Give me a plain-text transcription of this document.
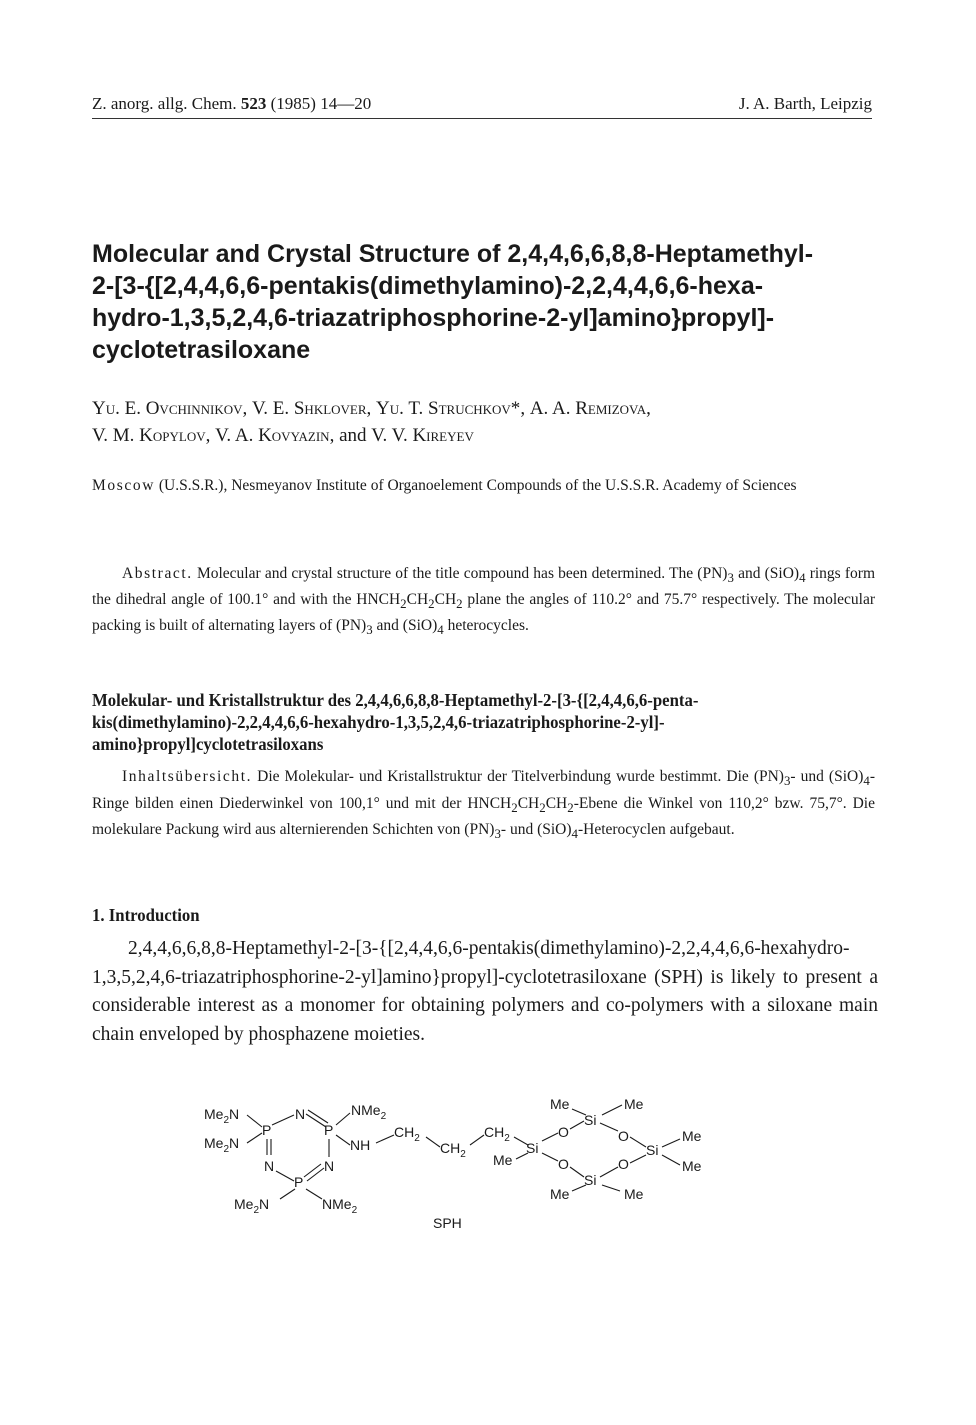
Z. anorg. allg. Chem. 523 (1985) 14—20	J. A. Barth, Leipzig
Molecular and Crystal Structure of 2,4,4,6,6,8,8-Heptamethyl-
2-[3-{[2,4,4,6,6-pentakis(dimethylamino)-2,2,4,4,6,6-hexa-
hydro-1,3,5,2,4,6-triazatriphosphorine-2-yl]amino}propyl]-
cyclotetrasiloxane
Yu. E. Ovchinnikov, V. E. Shklover, Yu. T. Struchkov*, A. A. Remizova,
V. M. Kopylov, V. A. Kovyazin, and V. V. Kireyev
Moscow (U.S.S.R.), Nesmeyanov Institute of Organoelement Compounds of the U.S.S.R. Academy of Sciences

Abstract. Molecular and crystal structure of the title compound has been determined. The $(PN)_3$ and $(SiO)_4$ rings form the dihedral angle of 100.1° and with the $HNCH_2CH_2CH_2$ plane the angles of 110.2° and 75.7° respectively. The molecular packing is built of alternating layers of $(PN)_3$ and $(SiO)_4$ heterocycles.

Molekular- und Kristallstruktur des 2,4,4,6,6,8,8-Heptamethyl-2-[3-{[2,4,4,6,6-penta-
kis(dimethylamino)-2,2,4,4,6,6-hexahydro-1,3,5,2,4,6-triazatriphosphorine-2-yl]-
amino}propyl]cyclotetrasiloxans

Inhaltsübersicht. Die Molekular- und Kristallstruktur der Titelverbindung wurde bestimmt. Die $(PN)_3-$ und $(SiO)_4$-Ringe bilden einen Diederwinkel von 100,1° und mit der $HNCH_2CH_2CH_2$-Ebene die Winkel von 110,2° bzw. 75,7°. Die molekulare Packung wird aus alternierenden Schichten von $(PN)_3-$ und $(SiO)_4$-Heterocyclen aufgebaut.

1. Introduction

2,4,4,6,6,8,8-Heptamethyl-2-[3-{[2,4,4,6,6-pentakis(dimethylamino)-2,2,4,4,6,6-hexahydro-1,3,5,2,4,6-triazatriphosphorine-2-yl]amino}propyl]-cyclotetrasiloxane (SPH) is likely to present a considerable interest as a monomer for obtaining polymers and co-polymers with a siloxane main chain enveloped by phosphazene moieties.

$Me_2N$
$Me_2N$
P
N
P
NMe$_2$
NH
N	N
P
$Me_2N$	NMe$_2$
$CH_2$
$CH_2$
$CH_2$
Si
Me
O
O
Si
Me	Me
Si
Me	Me
O
O
Si
Me
Me
SPH
